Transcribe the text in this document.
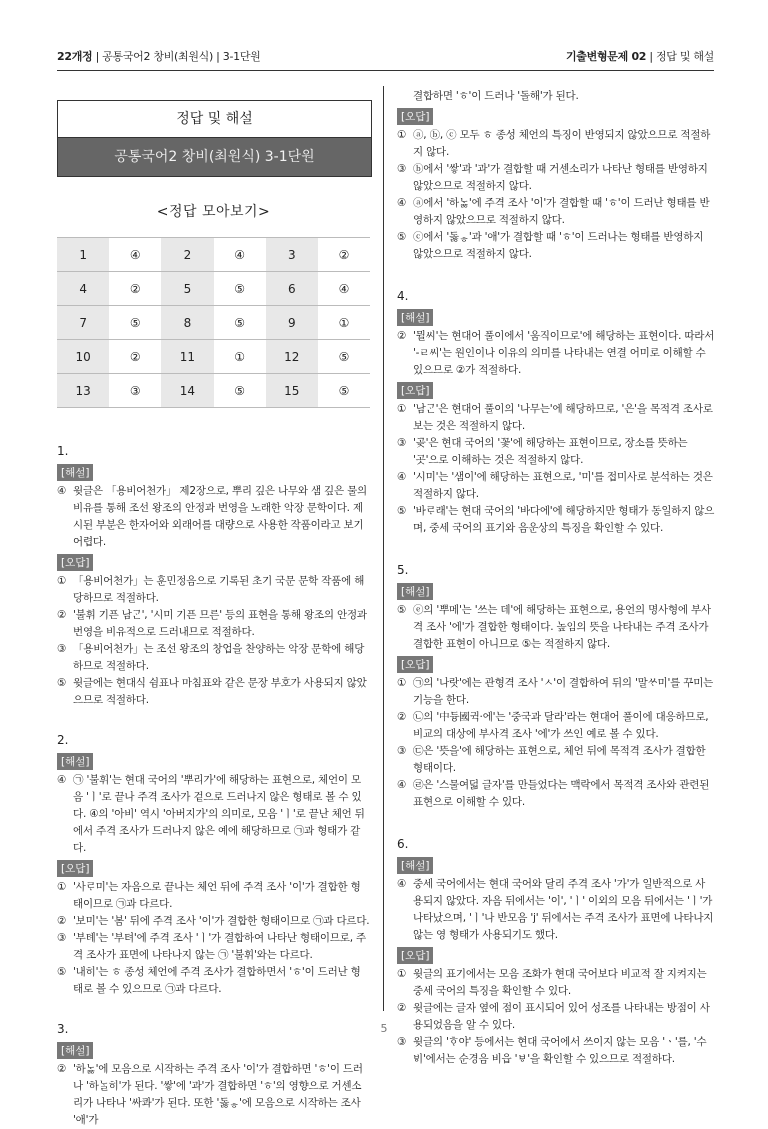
22개정 | 공통국어2 창비(최원식) | 3-1단원	기출변형문제 02 | 정답 및 해설
정답 및 해설
공통국어2 창비(최원식) 3-1단원
<정답 모아보기>
1	④	2	④	3	②
4	②	5	⑤	6	④
7	⑤	8	⑤	9	①
10	②	11	①	12	⑤
13	③	14	⑤	15	⑤
1.
[해설]
④ 윗글은 「용비어천가」 제2장으로, 뿌리 깊은 나무와 샘 깊은 물의 비유를 통해 조선 왕조의 안정과 번영을 노래한 악장 문학이다. 제시된 부분은 한자어와 외래어를 대량으로 사용한 작품이라고 보기 어렵다.
[오답]
① 「용비어천가」는 훈민정음으로 기록된 초기 국문 문학 작품에 해당하므로 적절하다.
② '불휘 기픈 남ᄀᆞᆫ', '시미 기픈 므른' 등의 표현을 통해 왕조의 안정과 번영을 비유적으로 드러내므로 적절하다.
③ 「용비어천가」는 조선 왕조의 창업을 찬양하는 악장 문학에 해당하므로 적절하다.
⑤ 윗글에는 현대식 쉼표나 마침표와 같은 문장 부호가 사용되지 않았으므로 적절하다.
2.
[해설]
④ ㉠ '불휘'는 현대 국어의 '뿌리가'에 해당하는 표현으로, 체언이 모음 'ㅣ'로 끝나 주격 조사가 겉으로 드러나지 않은 형태로 볼 수 있다. ④의 '아비' 역시 '아버지가'의 의미로, 모음 'ㅣ'로 끝난 체언 뒤에서 주격 조사가 드러나지 않은 예에 해당하므로 ㉠과 형태가 같다.
[오답]
① '사ᄅᆞ미'는 자음으로 끝나는 체언 뒤에 주격 조사 '이'가 결합한 형태이므로 ㉠과 다르다.
② '보미'는 '봄' 뒤에 주격 조사 '이'가 결합한 형태이므로 ㉠과 다르다.
③ '부톄'는 '부텨'에 주격 조사 'ㅣ'가 결합하여 나타난 형태이므로, 주격 조사가 표면에 나타나지 않는 ㉠ '불휘'와는 다르다.
⑤ '내히'는 ㅎ 종성 체언에 주격 조사가 결합하면서 'ㅎ'이 드러난 형태로 볼 수 있으므로 ㉠과 다르다.
3.
[해설]
② '하ᄂᆞᆶ'에 모음으로 시작하는 주격 조사 '이'가 결합하면 'ㅎ'이 드러나 '하ᄂᆞᆯ히'가 된다. '쌓'에 '과'가 결합하면 'ㅎ'의 영향으로 거센소리가 나타나 '싸콰'가 된다. 또한 '돓ᇂ'에 모음으로 시작하는 조사 '애'가
결합하면 'ㅎ'이 드러나 '돌해'가 된다.
[오답]
① ⓐ, ⓑ, ⓒ 모두 ㅎ 종성 체언의 특징이 반영되지 않았으므로 적절하지 않다.
③ ⓑ에서 '쌓'과 '과'가 결합할 때 거센소리가 나타난 형태를 반영하지 않았으므로 적절하지 않다.
④ ⓐ에서 '하ᄂᆞᆶ'에 주격 조사 '이'가 결합할 때 'ㅎ'이 드러난 형태를 반영하지 않았으므로 적절하지 않다.
⑤ ⓒ에서 '돓ᇂ'과 '애'가 결합할 때 'ㅎ'이 드러나는 형태를 반영하지 않았으므로 적절하지 않다.
4.
[해설]
② '뮐씨'는 현대어 풀이에서 '움직이므로'에 해당하는 표현이다. 따라서 '-ㄹ씨'는 원인이나 이유의 의미를 나타내는 연결 어미로 이해할 수 있으므로 ②가 적절하다.
[오답]
① '남ᄀᆞᆫ'은 현대어 풀이의 '나무는'에 해당하므로, '은'을 목적격 조사로 보는 것은 적절하지 않다.
③ '곶'은 현대 국어의 '꽃'에 해당하는 표현이므로, 장소를 뜻하는 '곳'으로 이해하는 것은 적절하지 않다.
④ '시미'는 '샘이'에 해당하는 표현으로, '미'를 접미사로 분석하는 것은 적절하지 않다.
⑤ '바ᄅᆞ래'는 현대 국어의 '바다에'에 해당하지만 형태가 동일하지 않으며, 중세 국어의 표기와 음운상의 특징을 확인할 수 있다.
5.
[해설]
⑤ ⓔ의 '뿌메'는 '쓰는 데'에 해당하는 표현으로, 용언의 명사형에 부사격 조사 '에'가 결합한 형태이다. 높임의 뜻을 나타내는 주격 조사가 결합한 표현이 아니므로 ⑤는 적절하지 않다.
[오답]
① ㉠의 '나랏'에는 관형격 조사 'ㅅ'이 결합하여 뒤의 '말ᄊᆞ미'를 꾸미는 기능을 한다.
② ㉡의 '中듕國귁·에'는 '중국과 달라'라는 현대어 풀이에 대응하므로, 비교의 대상에 부사격 조사 '에'가 쓰인 예로 볼 수 있다.
③ ㉢은 '뜻을'에 해당하는 표현으로, 체언 뒤에 목적격 조사가 결합한 형태이다.
④ ㉣은 '스물여덟 글자'를 만들었다는 맥락에서 목적격 조사와 관련된 표현으로 이해할 수 있다.
6.
[해설]
④ 중세 국어에서는 현대 국어와 달리 주격 조사 '가'가 일반적으로 사용되지 않았다. 자음 뒤에서는 '이', 'ㅣ' 이외의 모음 뒤에서는 'ㅣ'가 나타났으며, 'ㅣ'나 반모음 'j' 뒤에서는 주격 조사가 표면에 나타나지 않는 영 형태가 사용되기도 했다.
[오답]
① 윗글의 표기에서는 모음 조화가 현대 국어보다 비교적 잘 지켜지는 중세 국어의 특징을 확인할 수 있다.
② 윗글에는 글자 옆에 점이 표시되어 있어 성조를 나타내는 방점이 사용되었음을 알 수 있다.
③ 윗글의 'ᄒᆞ야' 등에서는 현대 국어에서 쓰이지 않는 모음 'ㆍ'를, '수ᄫᅵ'에서는 순경음 비읍 'ㅸ'을 확인할 수 있으므로 적절하다.
5
